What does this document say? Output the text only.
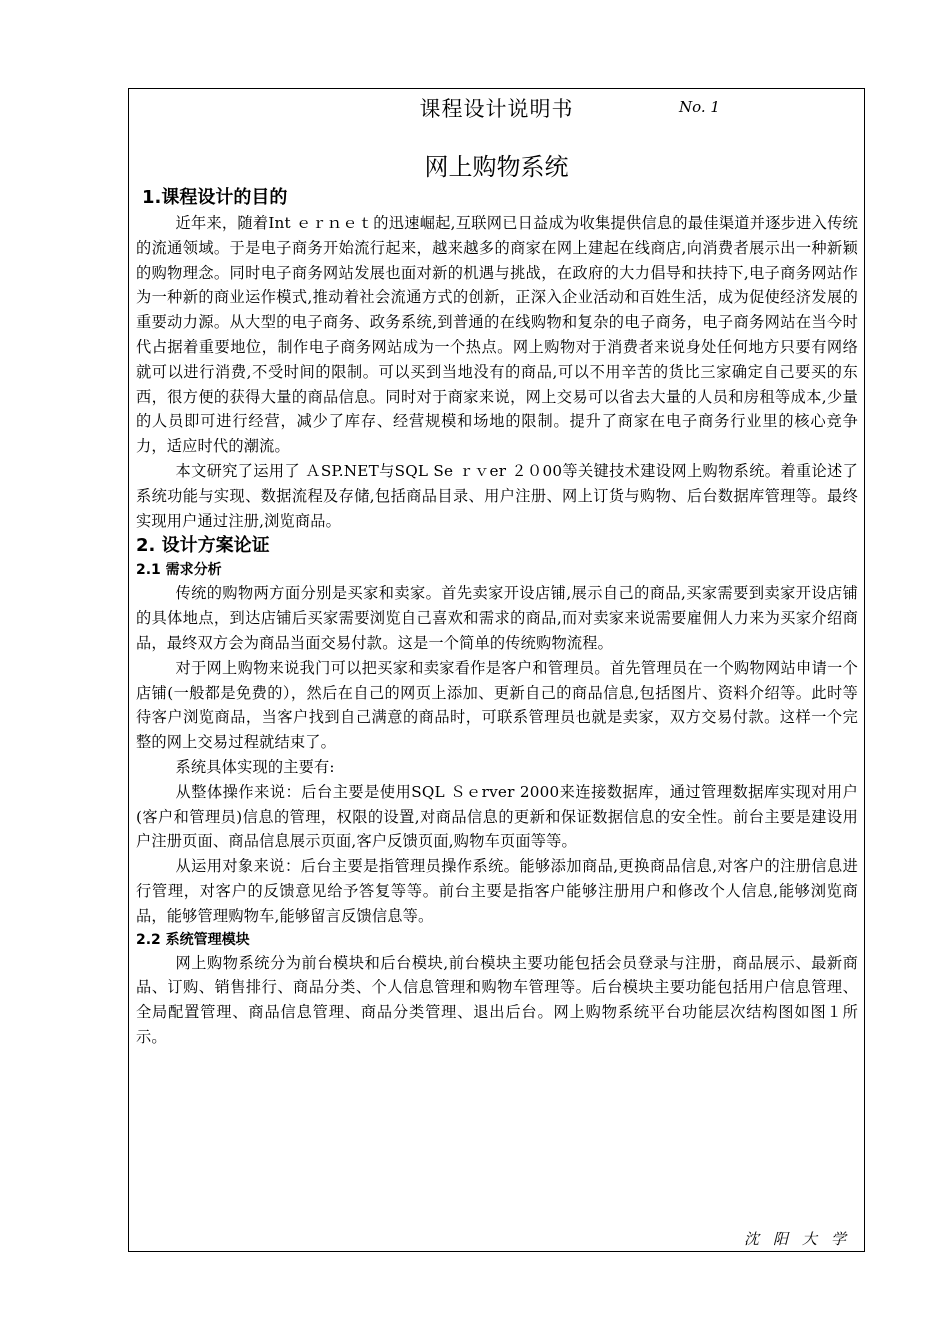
课程设计说明书	No. 1
网上购物系统

1.课程设计的目的

近年来，随着Int ｅｒｎｅｔ的迅速崛起,互联网已日益成为收集提供信息的最佳渠道并逐步进入传统的流通领域。于是电子商务开始流行起来，越来越多的商家在网上建起在线商店,向消费者展示出一种新颖的购物理念。同时电子商务网站发展也面对新的机遇与挑战，在政府的大力倡导和扶持下,电子商务网站作为一种新的商业运作模式,推动着社会流通方式的创新，正深入企业活动和百姓生活，成为促使经济发展的重要动力源。从大型的电子商务、政务系统,到普通的在线购物和复杂的电子商务，电子商务网站在当今时代占据着重要地位，制作电子商务网站成为一个热点。网上购物对于消费者来说身处任何地方只要有网络就可以进行消费,不受时间的限制。可以买到当地没有的商品,可以不用辛苦的货比三家确定自己要买的东西，很方便的获得大量的商品信息。同时对于商家来说，网上交易可以省去大量的人员和房租等成本,少量的人员即可进行经营，减少了库存、经营规模和场地的限制。提升了商家在电子商务行业里的核心竞争力，适应时代的潮流。

本文研究了运用了 ＡSP.NET与SQL Se ｒｖer ２０00等关键技术建设网上购物系统。着重论述了系统功能与实现、数据流程及存储,包括商品目录、用户注册、网上订货与购物、后台数据库管理等。最终实现用户通过注册,浏览商品。

2. 设计方案论证

2.1 需求分析

传统的购物两方面分别是买家和卖家。首先卖家开设店铺,展示自己的商品,买家需要到卖家开设店铺的具体地点，到达店铺后买家需要浏览自己喜欢和需求的商品,而对卖家来说需要雇佣人力来为买家介绍商品，最终双方会为商品当面交易付款。这是一个简单的传统购物流程。

对于网上购物来说我门可以把买家和卖家看作是客户和管理员。首先管理员在一个购物网站申请一个店铺(一般都是免费的），然后在自己的网页上添加、更新自己的商品信息,包括图片、资料介绍等。此时等待客户浏览商品，当客户找到自己满意的商品时，可联系管理员也就是卖家，双方交易付款。这样一个完整的网上交易过程就结束了。

系统具体实现的主要有:

从整体操作来说：后台主要是使用SQL Ｓｅrver 2000来连接数据库，通过管理数据库实现对用户(客户和管理员)信息的管理，权限的设置,对商品信息的更新和保证数据信息的安全性。前台主要是建设用户注册页面、商品信息展示页面,客户反馈页面,购物车页面等等。

从运用对象来说：后台主要是指管理员操作系统。能够添加商品,更换商品信息,对客户的注册信息进行管理，对客户的反馈意见给予答复等等。前台主要是指客户能够注册用户和修改个人信息,能够浏览商品，能够管理购物车,能够留言反馈信息等。

2.2 系统管理模块

网上购物系统分为前台模块和后台模块,前台模块主要功能包括会员登录与注册，商品展示、最新商品、订购、销售排行、商品分类、个人信息管理和购物车管理等。后台模块主要功能包括用户信息管理、全局配置管理、商品信息管理、商品分类管理、退出后台。网上购物系统平台功能层次结构图如图１所示。

沈阳大学
